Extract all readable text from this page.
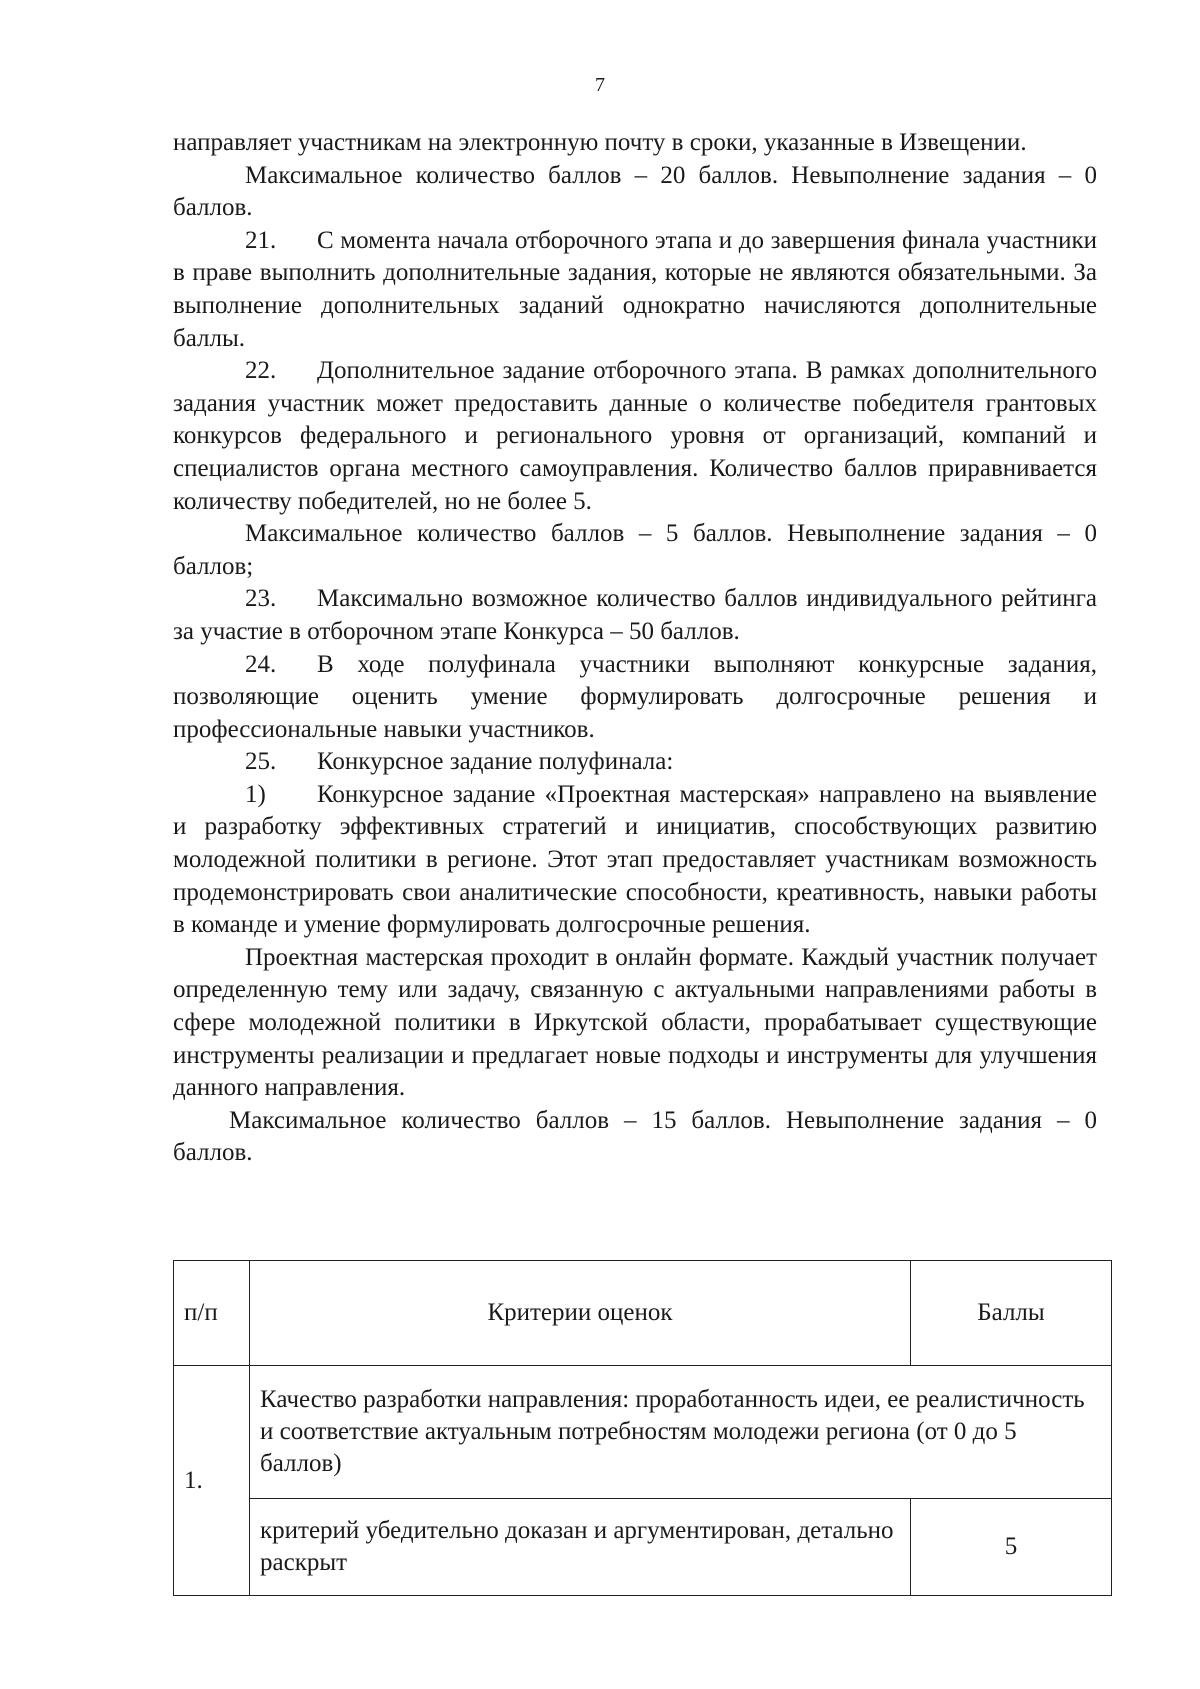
7

направляет участникам на электронную почту в сроки, указанные в Извещении.

Максимальное количество баллов – 20 баллов. Невыполнение задания – 0 баллов.

21. С момента начала отборочного этапа и до завершения финала участники в праве выполнить дополнительные задания, которые не являются обязательными. За выполнение дополнительных заданий однократно начисляются дополнительные баллы.

22. Дополнительное задание отборочного этапа. В рамках дополнительного задания участник может предоставить данные о количестве победителя грантовых конкурсов федерального и регионального уровня от организаций, компаний и специалистов органа местного самоуправления. Количество баллов приравнивается количеству победителей, но не более 5.

Максимальное количество баллов – 5 баллов. Невыполнение задания – 0 баллов;

23. Максимально возможное количество баллов индивидуального рейтинга за участие в отборочном этапе Конкурса – 50 баллов.

24. В ходе полуфинала участники выполняют конкурсные задания, позволяющие оценить умение формулировать долгосрочные решения и профессиональные навыки участников.

25. Конкурсное задание полуфинала:

1) Конкурсное задание «Проектная мастерская» направлено на выявление и разработку эффективных стратегий и инициатив, способствующих развитию молодежной политики в регионе. Этот этап предоставляет участникам возможность продемонстрировать свои аналитические способности, креативность, навыки работы в команде и умение формулировать долгосрочные решения.

Проектная мастерская проходит в онлайн формате. Каждый участник получает определенную тему или задачу, связанную с актуальными направлениями работы в сфере молодежной политики в Иркутской области, прорабатывает существующие инструменты реализации и предлагает новые подходы и инструменты для улучшения данного направления.

Максимальное количество баллов – 15 баллов. Невыполнение задания – 0 баллов.

п/п	Критерии оценок	Баллы
1.	Качество разработки направления: проработанность идеи, ее реалистичность и соответствие актуальным потребностям молодежи региона (от 0 до 5 баллов)	
	критерий убедительно доказан и аргументирован, детально раскрыт	5
